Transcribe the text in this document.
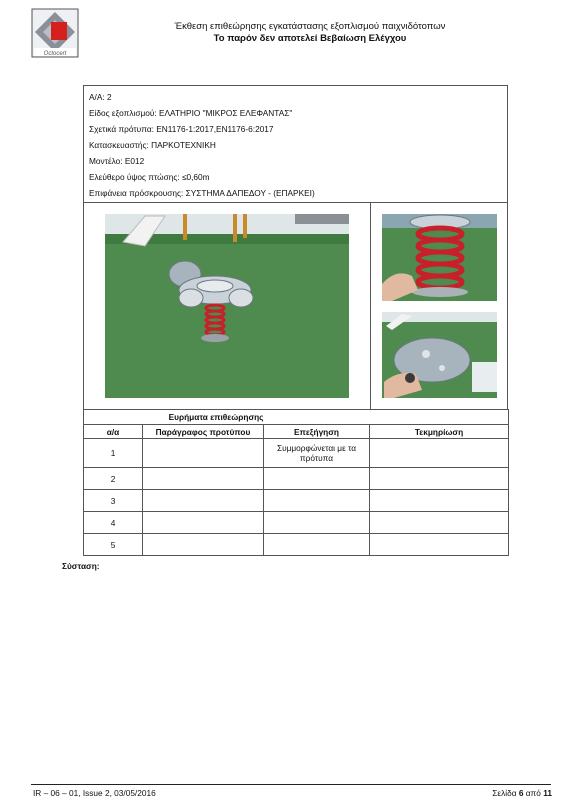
Octocert
Έκθεση επιθεώρησης εγκατάστασης εξοπλισμού παιχνιδότοπων
Το παρόν δεν αποτελεί Βεβαίωση Ελέγχου
Α/Α: 2
Είδος εξοπλισμού: ΕΛΑΤΗΡΙΟ "ΜΙΚΡΟΣ ΕΛΕΦΑΝΤΑΣ"
Σχετικά πρότυπα: EN1176-1:2017,EN1176-6:2017
Κατασκευαστής: ΠΑΡΚΟΤΕΧΝΙΚΗ
Μοντέλο: Ε012
Ελεύθερο ύψος πτώσης: ≤0,60m
Επιφάνεια πρόσκρουσης: ΣΥΣΤΗΜΑ ΔΑΠΕΔΟΥ - (ΕΠΑΡΚΕΙ)
Ευρήματα επιθεώρησης			
α/α	Παράγραφος προτύπου	Επεξήγηση	Τεκμηρίωση
1		Συμμορφώνεται με τα πρότυπα	
2			
3			
4			
5			
Σύσταση:
IR – 06 – 01, Issue 2, 03/05/2016	Σελίδα 6 από 11
